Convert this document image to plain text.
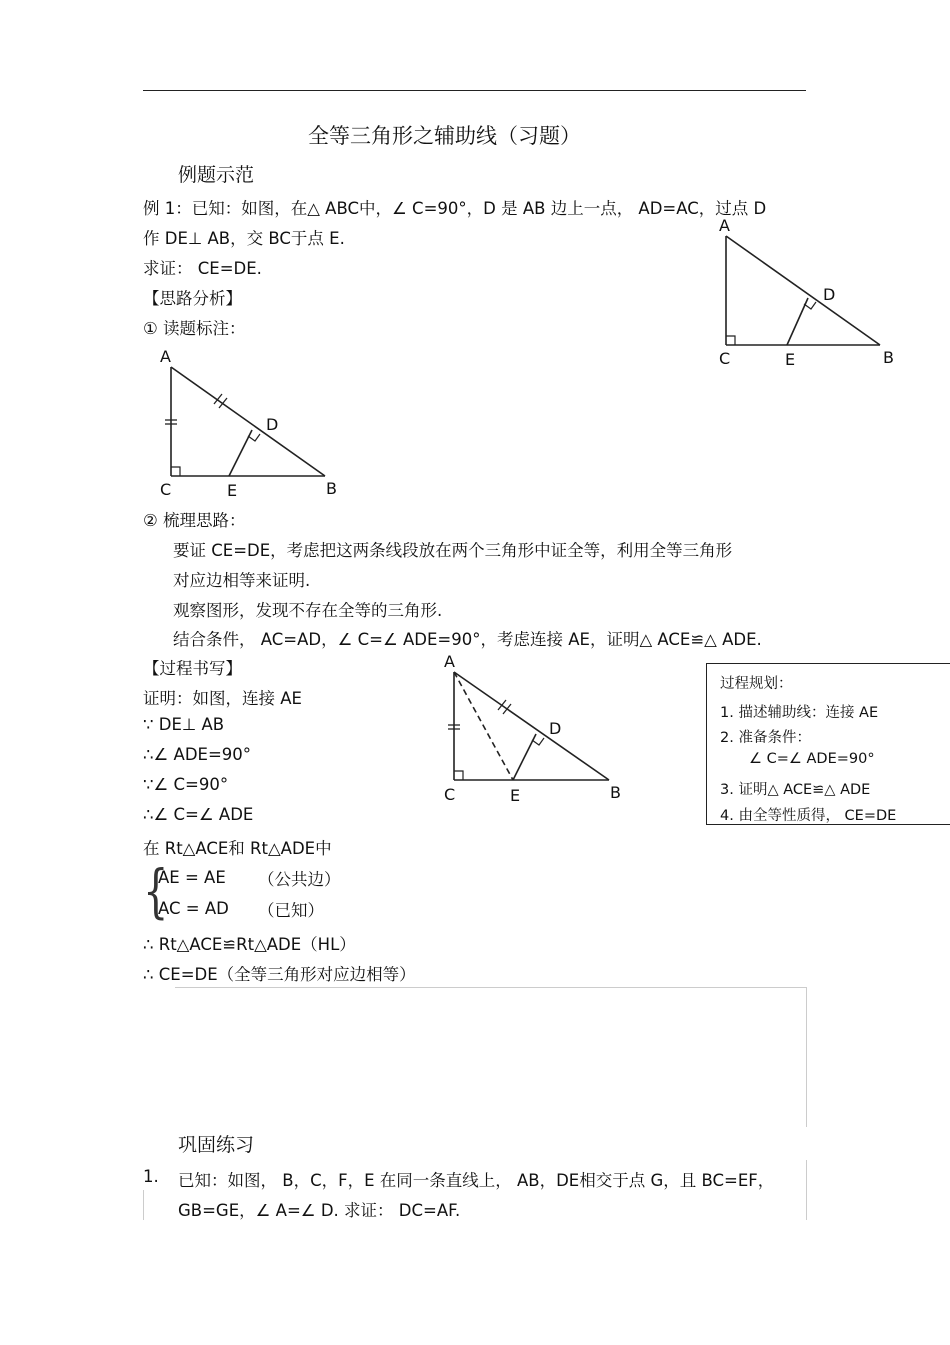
全等三角形之辅助线（习题）
例题示范
例 1：已知：如图，在△ ABC中，∠ C=90°，D 是 AB 边上一点， AD=AC，过点 D
作 DE⊥ AB，交 BC于点 E.
求证： CE=DE.
【思路分析】
① 读题标注：
A
D
C	E	B
A
D
C	E	B
A
D
C	E	B
② 梳理思路：
要证 CE=DE，考虑把这两条线段放在两个三角形中证全等，利用全等三角形
对应边相等来证明.
观察图形，发现不存在全等的三角形.
结合条件， AC=AD，∠ C=∠ ADE=90°，考虑连接 AE，证明△ ACE≌△ ADE.
【过程书写】
证明：如图，连接 AE
∵ DE⊥ AB
∴∠ ADE=90°
∵∠ C=90°
∴∠ C=∠ ADE
在 Rt△ACE和 Rt△ADE中
{
AE = AE （公共边）
AC = AD （已知）
∴ Rt△ACE≌Rt△ADE（HL）
∴ CE=DE（全等三角形对应边相等）
过程规划：
1. 描述辅助线：连接 AE
2. 准备条件：
∠ C=∠ ADE=90°
3. 证明△ ACE≌△ ADE
4. 由全等性质得， CE=DE
巩固练习
1. 已知：如图， B，C，F，E 在同一条直线上， AB，DE相交于点 G，且 BC=EF，
GB=GE，∠ A=∠ D. 求证： DC=AF.
